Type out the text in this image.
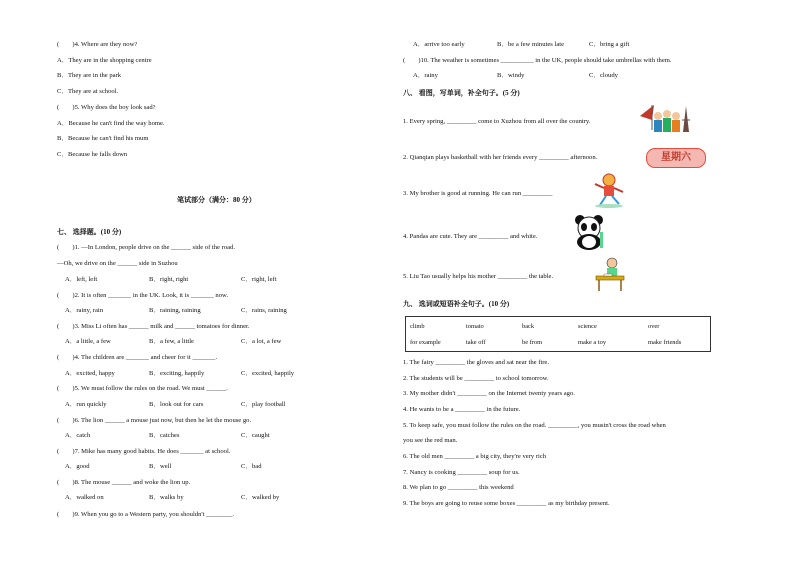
(　　)4. Where are they now?
A．They are in the shopping centre
B．They are in the park
C．They are at school.
(　　)5. Why does the boy look sad?
A．Because he can't find the way home.
B．Because he can't find his mum
C．Because he falls down
笔试部分（满分：80 分）
七、 选择题。(10 分)
(　　)1. —In London, people drive on the ______ side of the road.
—Oh, we drive on the ______ side in Suzhou
A．left, left	B．right, right	C．right, left
(　　)2. It is often _______ in the UK. Look, it is _______ now.
A．rainy, rain	B．raining, raining	C．rains, raining
(　　)3. Miss Li often has ______ milk and ______ tomatoes for dinner.
A．a little, a few	B．a few, a little	C．a lot, a few
(　　)4. The children are _______ and cheer for it _______.
A．excited, happy	B．exciting, happily	C．excited, happily
(　　)5. We must follow the rules on the road. We must ______.
A．run quickly	B．look out for cars	C．play football
(　　)6. The lion ______ a mouse just now, but then he let the mouse go.
A．catch	B．catches	C．caught
(　　)7. Mike has many good habits. He does _______ at school.
A．good	B．well	C．bad
(　　)8. The mouse ______ and woke the lion up.
A．walked on	B．walks by	C．walked by
(　　)9. When you go to a Western party, you shouldn't ________.
A．arrive too early	B．be a few minutes late	C．bring a gift
(　　)10. The weather is sometimes __________ in the UK, people should take umbrellas with them.
A．rainy	B．windy	C．cloudy
八、 看图，写单词，补全句子。(5 分)
1. Every spring, _________ come to Xuzhou from all over the country.
2. Qianqian plays basketball with her friends every _________ afternoon.
3. My brother is good at running. He can run _________
4. Pandas are cute. They are _________ and white.
5. Liu Tao usually helps his mother _________ the table.
九、 选词或短语补全句子。(10 分)
1. The fairy _________ the gloves and sat near the fire.
2. The students will be _________ to school tomorrow.
3. My mother didn't _________ on the Internet twenty years ago.
4. He wants to be a _________ in the future.
5. To keep safe, you must follow the rules on the road. _________, you mustn't cross the road when
you see the red man.
6. The old men _________ a big city, they're very rich
7. Nancy is cooking _________ soup for us.
8. We plan to go _________ this weekend
9. The boys are going to reuse some boxes _________ as my birthday present.
climb	tomato	back	science	over
for example	take off	be from	make a toy	make friends
星期六
